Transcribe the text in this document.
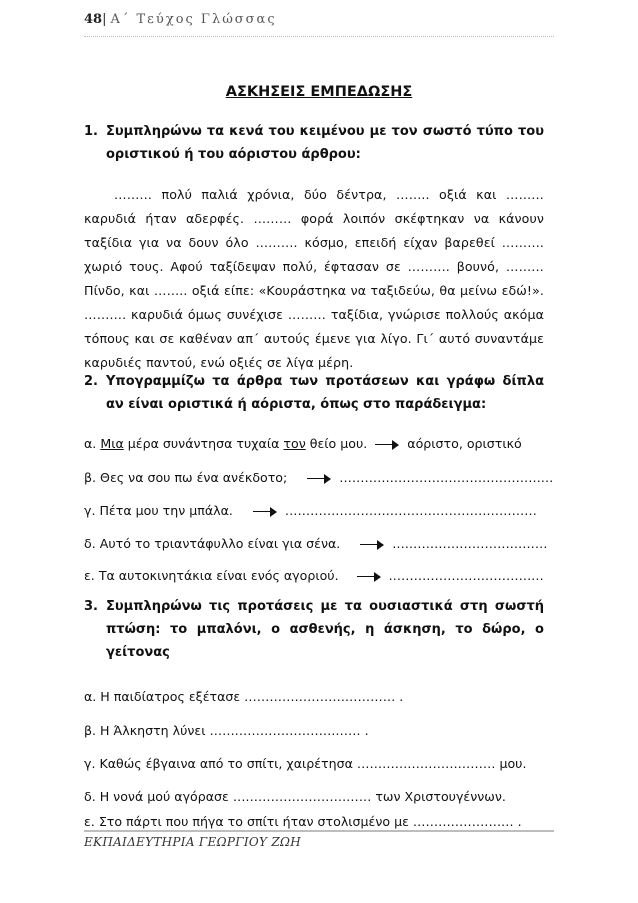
48| Α΄ Τεύχος Γλώσσας
ΑΣΚΗΣΕΙΣ ΕΜΠΕΔΩΣΗΣ
1. Συμπληρώνω τα κενά του κειμένου με τον σωστό τύπο του οριστικού ή του αόριστου άρθρου:
……… πολύ παλιά χρόνια, δύο δέντρα, …….. οξιά και ……… καρυδιά ήταν αδερφές. ……… φορά λοιπόν σκέφτηκαν να κάνουν ταξίδια για να δουν όλο ………. κόσμο, επειδή είχαν βαρεθεί ………. χωριό τους. Αφού ταξίδεψαν πολύ, έφτασαν σε ………. βουνό, ……… Πίνδο, και …….. οξιά είπε: «Κουράστηκα να ταξιδεύω, θα μείνω εδώ!». ………. καρυδιά όμως συνέχισε ……… ταξίδια, γνώρισε πολλούς ακόμα τόπους και σε καθέναν απ΄ αυτούς έμενε για λίγο. Γι΄ αυτό συναντάμε καρυδιές παντού, ενώ οξιές σε λίγα μέρη.
2. Υπογραμμίζω τα άρθρα των προτάσεων και γράφω δίπλα αν είναι οριστικά ή αόριστα, όπως στο παράδειγμα:
α. Μια μέρα συνάντησα τυχαία τον θείο μου.	αόριστο, οριστικό
β. Θες να σου πω ένα ανέκδοτο;	……………………………………………
γ. Πέτα μου την μπάλα.	……………………………………………………
δ. Αυτό το τριαντάφυλλο είναι για σένα.	.………………………………
ε. Τα αυτοκινητάκια είναι ενός αγοριού.	.………………………………
3. Συμπληρώνω τις προτάσεις με τα ουσιαστικά στη σωστή πτώση: το μπαλόνι, ο ασθενής, η άσκηση, το δώρο, ο γείτονας
α. Η παιδίατρος εξέτασε ……………………………… .
β. Η Άλκηστη λύνει ……………………………… .
γ. Καθώς έβγαινα από το σπίτι, χαιρέτησα …………………………… μου.
δ. Η νονά μού αγόρασε …………………………… των Χριστουγέννων.
ε. Στο πάρτι που πήγα το σπίτι ήταν στολισμένο με …………………… .
ΕΚΠΑΙΔΕΥΤΗΡΙΑ ΓΕΩΡΓΙΟΥ ΖΩΗ
